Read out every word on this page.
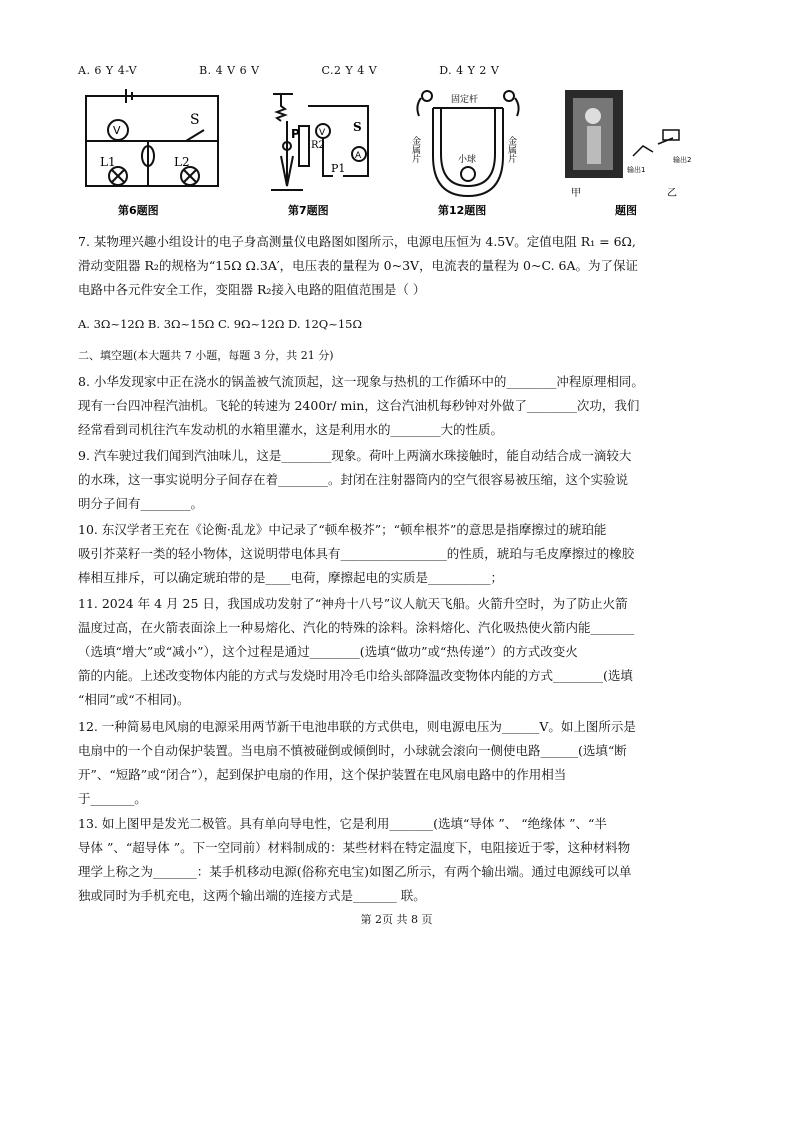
A. 6 Y 4-V	B. 4 V 6 V	C.2 Y 4 V	D. 4 Y 2 V
V
S
L1	L2
第6题图
P
R2
V S
A
P1
第7题图
固定杆
金属片	金属片
小球
第12题图
甲	乙
输出1
输出2
题图

7. 某物理兴趣小组设计的电子身高测量仪电路图如图所示，电源电压恒为 4.5V。定值电阻 R₁ = 6Ω,

滑动变阻器 R₂的规格为“15Ω Ω.3A′，电压表的量程为 0~3V，电流表的量程为 0~C. 6A。为了保证

电路中各元件安全工作，变阻器 R₂接入电路的阻值范围是（ ）

A. 3Ω~12Ω B. 3Ω~15Ω C. 9Ω~12Ω D. 12Q~15Ω

二、填空题(本大题共 7 小题，每题 3 分，共 21 分)

8. 小华发现家中正在浇水的锅盖被气流顶起，这一现象与热机的工作循环中的________冲程原理相同。

现有一台四冲程汽油机。飞轮的转速为 2400r/ min，这台汽油机每秒钟对外做了________次功，我们

经常看到司机往汽车发动机的水箱里灌水，这是利用水的________大的性质。

9. 汽车驶过我们闻到汽油味儿，这是________现象。荷叶上两滴水珠接触时，能自动结合成一滴较大

的水珠，这一事实说明分子间存在着________。封闭在注射器筒内的空气很容易被压缩，这个实验说

明分子间有________。

10. 东汉学者王充在《论衡·乱龙》中记录了“顿牟极芥”；“顿牟根芥”的意思是指摩擦过的琥珀能

吸引芥菜籽一类的轻小物体，这说明带电体具有_________________的性质，琥珀与毛皮摩擦过的橡胶

棒相互排斥，可以确定琥珀带的是____电荷，摩擦起电的实质是__________；

11. 2024 年 4 月 25 日，我国成功发射了“神舟十八号”议人航天飞船。火箭升空时，为了防止火箭

温度过高，在火箭表面涂上一种易熔化、汽化的特殊的涂料。涂料熔化、汽化吸热使火箭内能_______

（选填“增大”或“减小”），这个过程是通过________(选填“做功”或“热传递”）的方式改变火

箭的内能。上述改变物体内能的方式与发烧时用冷毛巾给头部降温改变物体内能的方式________(选填

“相同”或“不相同)。

12. 一种简易电风扇的电源采用两节新干电池串联的方式供电，则电源电压为______V。如上图所示是

电扇中的一个自动保护装置。当电扇不慎被碰倒或倾倒时，小球就会滚向一侧使电路______(选填“断

开”、“短路”或“闭合”），起到保护电扇的作用，这个保护装置在电风扇电路中的作用相当

于_______。

13. 如上图甲是发光二极管。具有单向导电性，它是利用_______(选填“导体 ”、 “绝缘体 ”、“半

导体 ”、“超导体 ”。下一空同前）材料制成的：某些材料在特定温度下，电阻接近于零，这种材料物

理学上称之为_______：某手机移动电源(俗称充电宝)如图乙所示，有两个输出端。通过电源线可以单

独或同时为手机充电，这两个输出端的连接方式是_______ 联。

第 2页 共 8 页
